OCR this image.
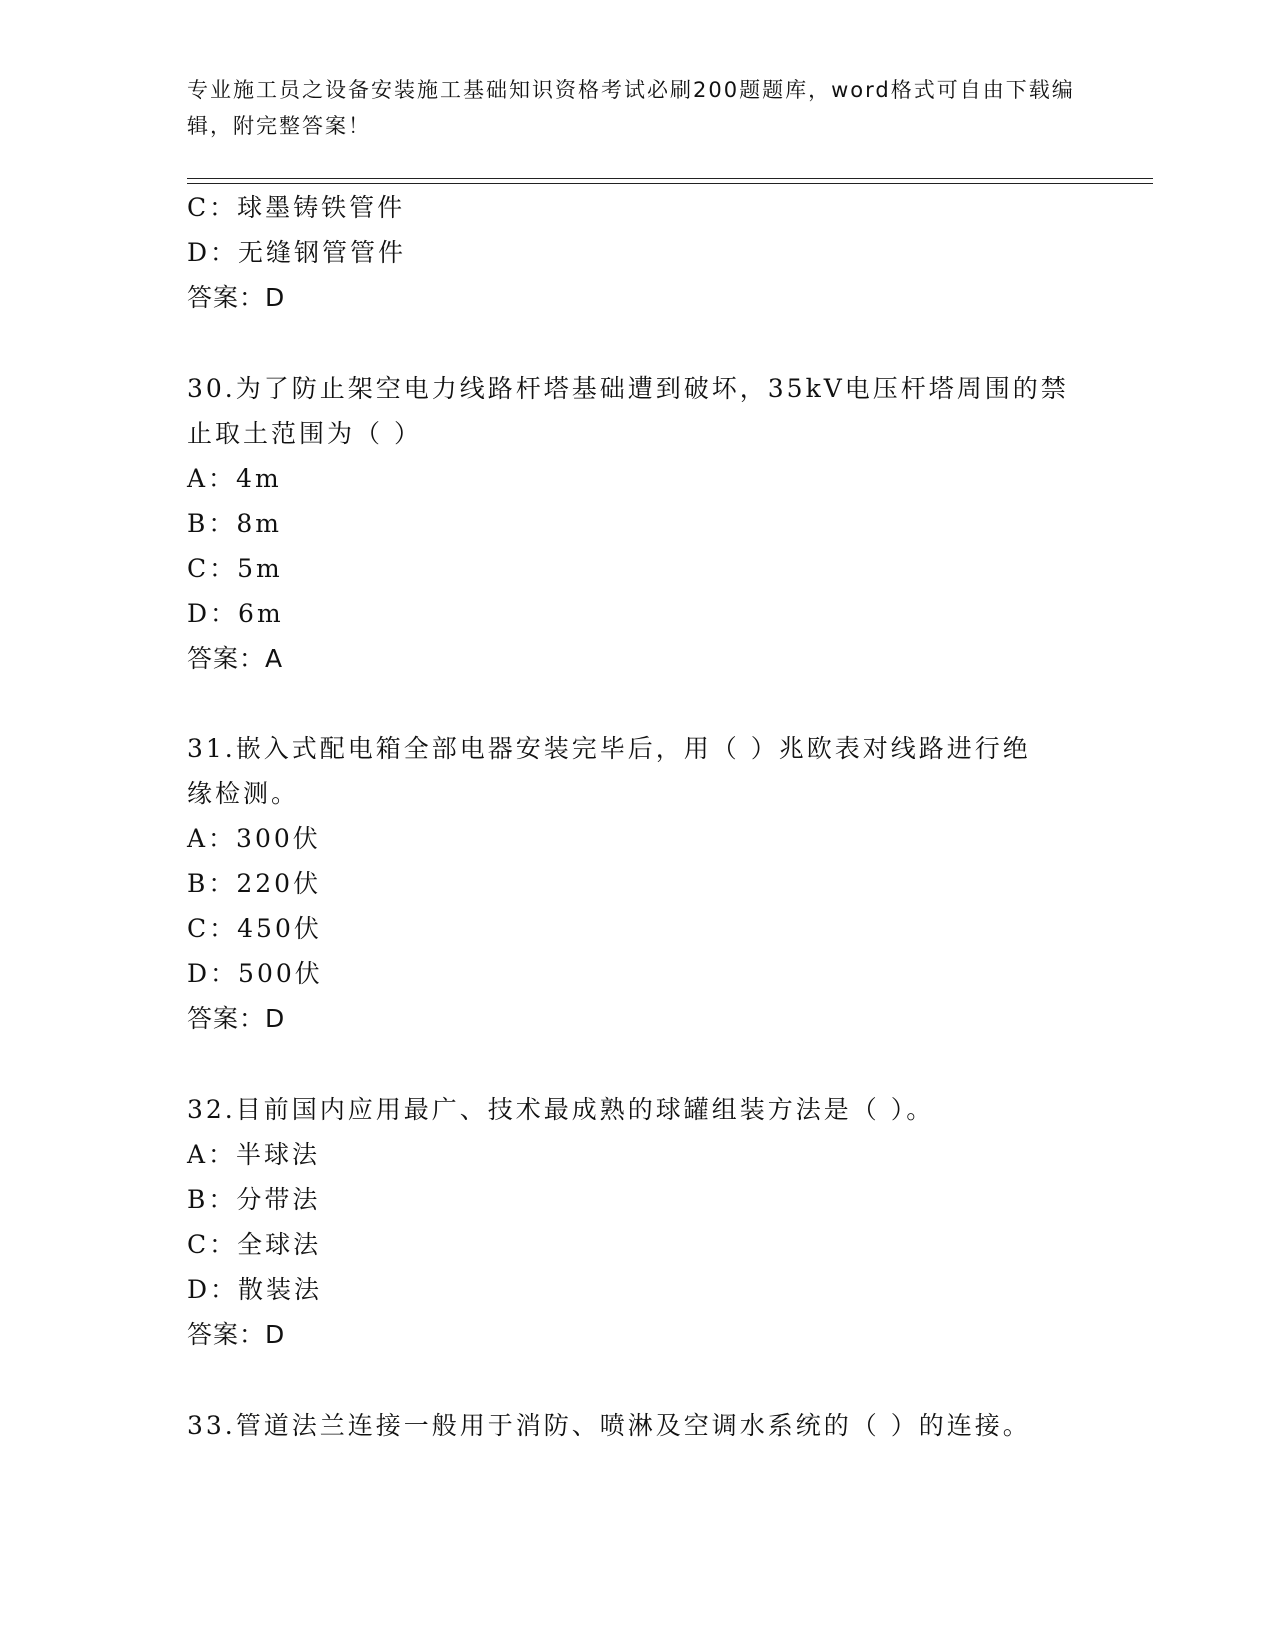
专业施工员之设备安装施工基础知识资格考试必刷200题题库，word格式可自由下载编辑，附完整答案！
C：球墨铸铁管件
D：无缝钢管管件
答案：D
30.为了防止架空电力线路杆塔基础遭到破坏，35kV电压杆塔周围的禁
止取土范围为（ ）
A：4m
B：8m
C：5m
D：6m
答案：A
31.嵌入式配电箱全部电器安装完毕后，用（ ）兆欧表对线路进行绝
缘检测。
A：300伏
B：220伏
C：450伏
D：500伏
答案：D
32.目前国内应用最广、技术最成熟的球罐组装方法是（ ）。
A：半球法
B：分带法
C：全球法
D：散装法
答案：D
33.管道法兰连接一般用于消防、喷淋及空调水系统的（ ）的连接。
